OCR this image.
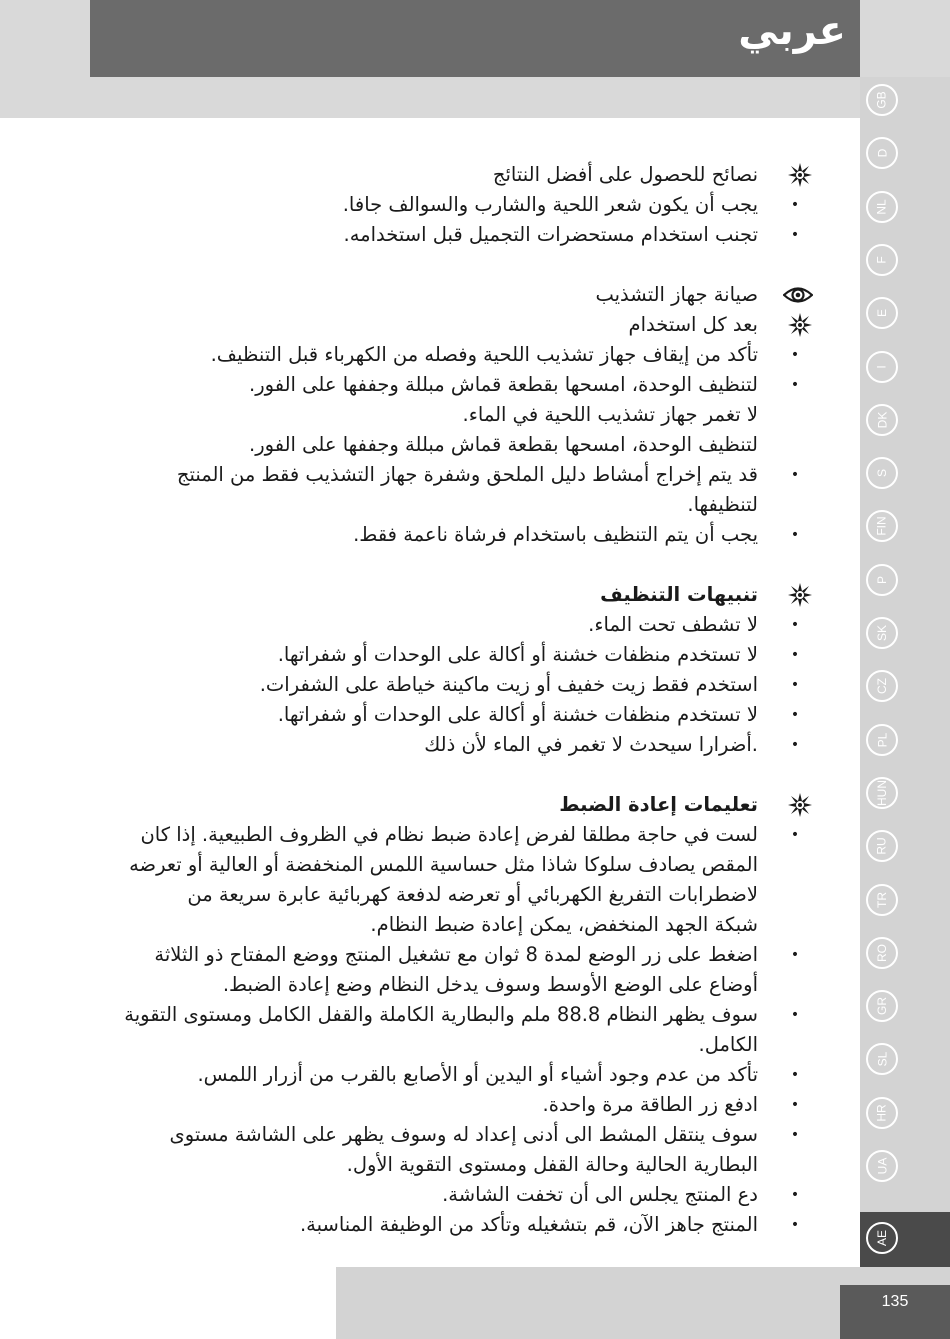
عربي
GB
D
NL
F
E
I
DK
S
FIN
P
SK
CZ
PL
HUN
RU
TR
RO
GR
SL
HR
UA
AE
135
نصائح للحصول على أفضل النتائج
•
يجب أن يكون شعر اللحية والشارب والسوالف جافا.
•
تجنب استخدام مستحضرات التجميل قبل استخدامه.
صيانة جهاز التشذيب
بعد كل استخدام
•
تأكد من إيقاف جهاز تشذيب اللحية وفصله من الكهرباء قبل التنظيف.
•
لتنظيف الوحدة، امسحها بقطعة قماش مبللة وجففها على الفور.
لا تغمر جهاز تشذيب اللحية في الماء.
لتنظيف الوحدة، امسحها بقطعة قماش مبللة وجففها على الفور.
•
قد يتم إخراج أمشاط دليل الملحق وشفرة جهاز التشذيب فقط من المنتج لتنظيفها.
•
يجب أن يتم التنظيف باستخدام فرشاة ناعمة فقط.
تنبيهات التنظيف
•
لا تشطف تحت الماء.
•
لا تستخدم منظفات خشنة أو أكالة على الوحدات أو شفراتها.
•
استخدم فقط زيت خفيف أو زيت ماكينة خياطة على الشفرات.
•
لا تستخدم منظفات خشنة أو أكالة على الوحدات أو شفراتها.
•
.أضرارا سيحدث لا تغمر في الماء لأن ذلك
تعليمات إعادة الضبط
•
لست في حاجة مطلقا لفرض إعادة ضبط نظام في الظروف الطبيعية. إذا كان
المقص يصادف سلوكا شاذا مثل حساسية اللمس المنخفضة أو العالية أو تعرضه
لاضطرابات التفريغ الكهربائي أو تعرضه لدفعة كهربائية عابرة سريعة من
شبكة الجهد المنخفض، يمكن إعادة ضبط النظام.
•
اضغط على زر الوضع لمدة 8 ثوان مع تشغيل المنتج ووضع المفتاح ذو الثلاثة
أوضاع على الوضع الأوسط وسوف يدخل النظام وضع إعادة الضبط.
•
سوف يظهر النظام 88.8 ملم والبطارية الكاملة والقفل الكامل ومستوى التقوية
الكامل.
•
تأكد من عدم وجود أشياء أو اليدين أو الأصابع بالقرب من أزرار اللمس.
•
ادفع زر الطاقة مرة واحدة.
•
سوف ينتقل المشط الى أدنى إعداد له وسوف يظهر على الشاشة مستوى
البطارية الحالية وحالة القفل ومستوى التقوية الأول.
•
دع المنتج يجلس الى أن تخفت الشاشة.
•
المنتج جاهز الآن، قم بتشغيله وتأكد من الوظيفة المناسبة.
